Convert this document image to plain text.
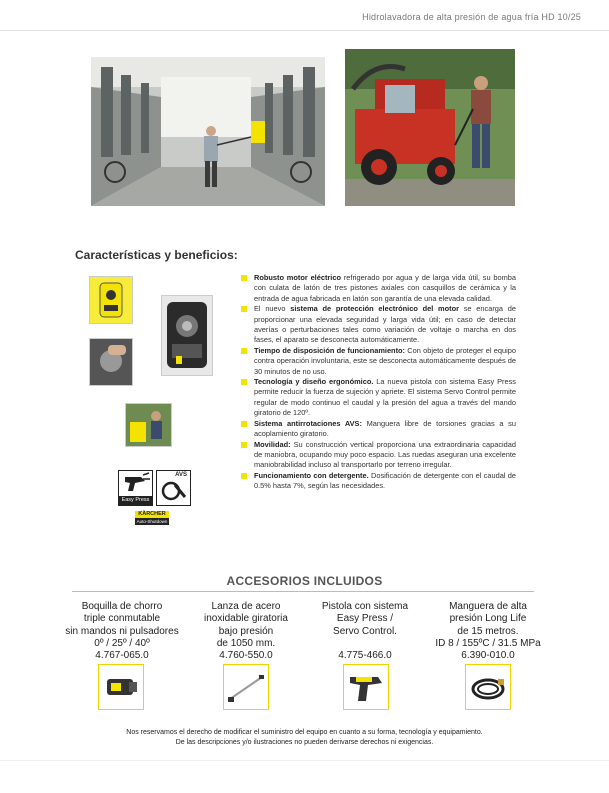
Hidrolavadora de alta presión de agua fría HD 10/25
Características y beneficios:
Easy Press
AVS
KÄRCHER
Auto-Shutdown
Robusto motor eléctrico refrigerado por agua y de larga vida útil, su bomba con culata de latón de tres pistones axiales con casquillos de cerámica y la entrada de agua fabricada en latón son garantía de una elevada calidad.
El nuevo sistema de protección electrónico del motor se encarga de proporcionar una elevada seguridad y larga vida útil; en caso de detectar averías o perturbaciones tales como variación de voltaje o marcha en dos fases, el aparato se desconecta automáticamente.
Tiempo de disposición de funcionamiento: Con objeto de proteger el equipo contra operación involuntaria, este se desconecta automáticamente después de 30 minutos de no uso.
Tecnología y diseño ergonómico. La nueva pistola con sistema Easy Press permite reducir la fuerza de sujeción y apriete. El sistema Servo Control permite regular de modo continuo el caudal y la presión del agua a través del mando giratorio de 120º.
Sistema antirrotaciones AVS: Manguera libre de torsiones gracias a su acoplamiento giratorio.
Movilidad: Su construcción vertical proporciona una extraordinaria capacidad de maniobra, ocupando muy poco espacio. Las ruedas aseguran una excelente maniobrabilidad incluso al transportarlo por terreno irregular.
Funcionamiento con detergente. Dosificación de detergente con el caudal de 0.5% hasta 7%, según las necesidades.
ACCESORIOS INCLUIDOS
Boquilla de chorro
triple conmutable
sin mandos ni pulsadores
0º / 25º / 40º
4.767-065.0
Lanza de acero
inoxidable giratoria
bajo presión
de 1050 mm.
4.760-550.0
Pistola con sistema
Easy Press /
Servo Control.
4.775-466.0
Manguera de alta
presión Long Life
de 15 metros.
ID 8 / 155ºC / 31.5 MPa
6.390-010.0
Nos reservamos el derecho de modificar el suministro del equipo en cuanto a su forma, tecnología y equipamiento.
De las descripciones y/o ilustraciones no pueden derivarse derechos ni exigencias.
